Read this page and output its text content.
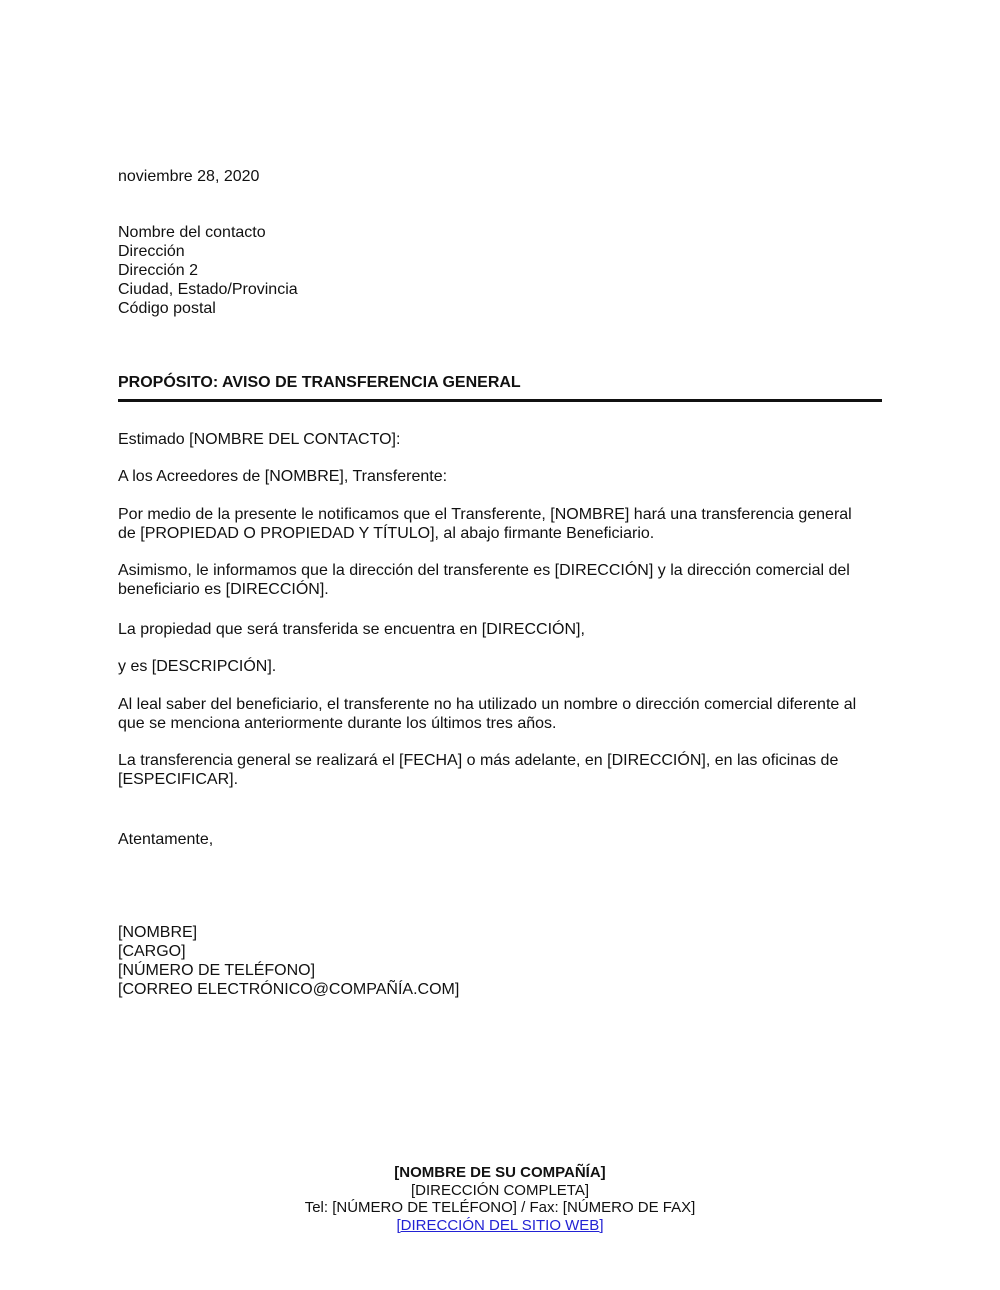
noviembre 28, 2020
Nombre del contacto
Dirección
Dirección 2
Ciudad, Estado/Provincia
Código postal
PROPÓSITO: AVISO DE TRANSFERENCIA GENERAL
Estimado [NOMBRE DEL CONTACTO]:
A los Acreedores de [NOMBRE], Transferente:
Por medio de la presente le notificamos que el Transferente, [NOMBRE] hará una transferencia general
de [PROPIEDAD O PROPIEDAD Y TÍTULO], al abajo firmante Beneficiario.
Asimismo, le informamos que la dirección del transferente es [DIRECCIÓN] y la dirección comercial del
beneficiario es [DIRECCIÓN].
La propiedad que será transferida se encuentra en [DIRECCIÓN],
y es [DESCRIPCIÓN].
Al leal saber del beneficiario, el transferente no ha utilizado un nombre o dirección comercial diferente al
que se menciona anteriormente durante los últimos tres años.
La transferencia general se realizará el [FECHA] o más adelante, en [DIRECCIÓN], en las oficinas de
[ESPECIFICAR].
Atentamente,
[NOMBRE]
[CARGO]
[NÚMERO DE TELÉFONO]
[CORREO ELECTRÓNICO@COMPAÑÍA.COM]
[NOMBRE DE SU COMPAÑÍA]
[DIRECCIÓN COMPLETA]
Tel: [NÚMERO DE TELÉFONO] / Fax: [NÚMERO DE FAX]
[DIRECCIÓN DEL SITIO WEB]
